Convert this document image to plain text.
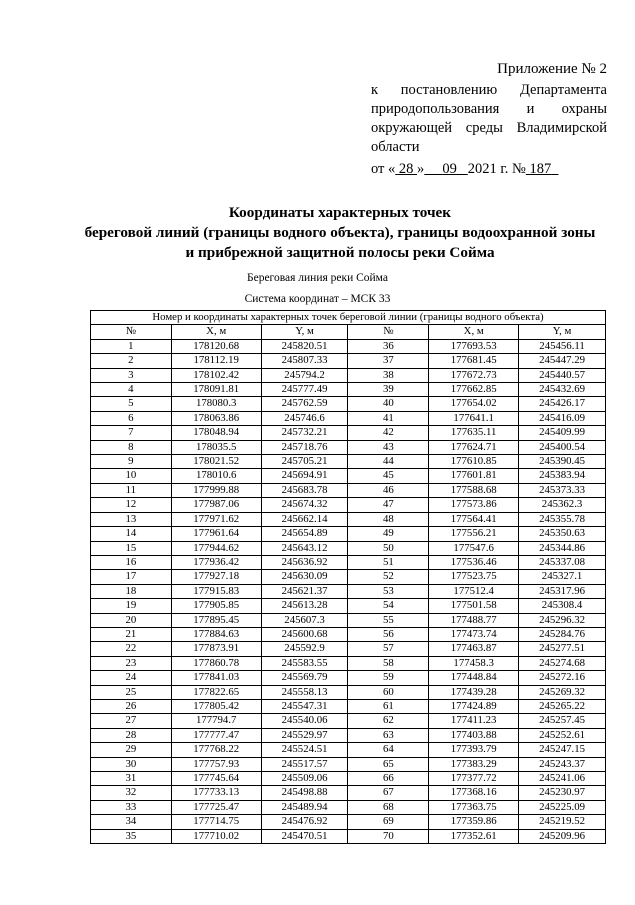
Приложение № 2
к постановлению Департамента
природопользования и охраны
окружающей среды Владимирской
области
от « 28 » 09 2021 г. № 187
Координаты характерных точек
береговой линий (границы водного объекта), границы водоохранной зоны
и прибрежной защитной полосы реки Сойма
Береговая линия реки Сойма
Система координат – МСК 33
Номер и координаты характерных точек береговой линии (границы водного объекта)					
№	X, м	Y, м	№	X, м	Y, м
1	178120.68	245820.51	36	177693.53	245456.11
2	178112.19	245807.33	37	177681.45	245447.29
3	178102.42	245794.2	38	177672.73	245440.57
4	178091.81	245777.49	39	177662.85	245432.69
5	178080.3	245762.59	40	177654.02	245426.17
6	178063.86	245746.6	41	177641.1	245416.09
7	178048.94	245732.21	42	177635.11	245409.99
8	178035.5	245718.76	43	177624.71	245400.54
9	178021.52	245705.21	44	177610.85	245390.45
10	178010.6	245694.91	45	177601.81	245383.94
11	177999.88	245683.78	46	177588.68	245373.33
12	177987.06	245674.32	47	177573.86	245362.3
13	177971.62	245662.14	48	177564.41	245355.78
14	177961.64	245654.89	49	177556.21	245350.63
15	177944.62	245643.12	50	177547.6	245344.86
16	177936.42	245636.92	51	177536.46	245337.08
17	177927.18	245630.09	52	177523.75	245327.1
18	177915.83	245621.37	53	177512.4	245317.96
19	177905.85	245613.28	54	177501.58	245308.4
20	177895.45	245607.3	55	177488.77	245296.32
21	177884.63	245600.68	56	177473.74	245284.76
22	177873.91	245592.9	57	177463.87	245277.51
23	177860.78	245583.55	58	177458.3	245274.68
24	177841.03	245569.79	59	177448.84	245272.16
25	177822.65	245558.13	60	177439.28	245269.32
26	177805.42	245547.31	61	177424.89	245265.22
27	177794.7	245540.06	62	177411.23	245257.45
28	177777.47	245529.97	63	177403.88	245252.61
29	177768.22	245524.51	64	177393.79	245247.15
30	177757.93	245517.57	65	177383.29	245243.37
31	177745.64	245509.06	66	177377.72	245241.06
32	177733.13	245498.88	67	177368.16	245230.97
33	177725.47	245489.94	68	177363.75	245225.09
34	177714.75	245476.92	69	177359.86	245219.52
35	177710.02	245470.51	70	177352.61	245209.96
